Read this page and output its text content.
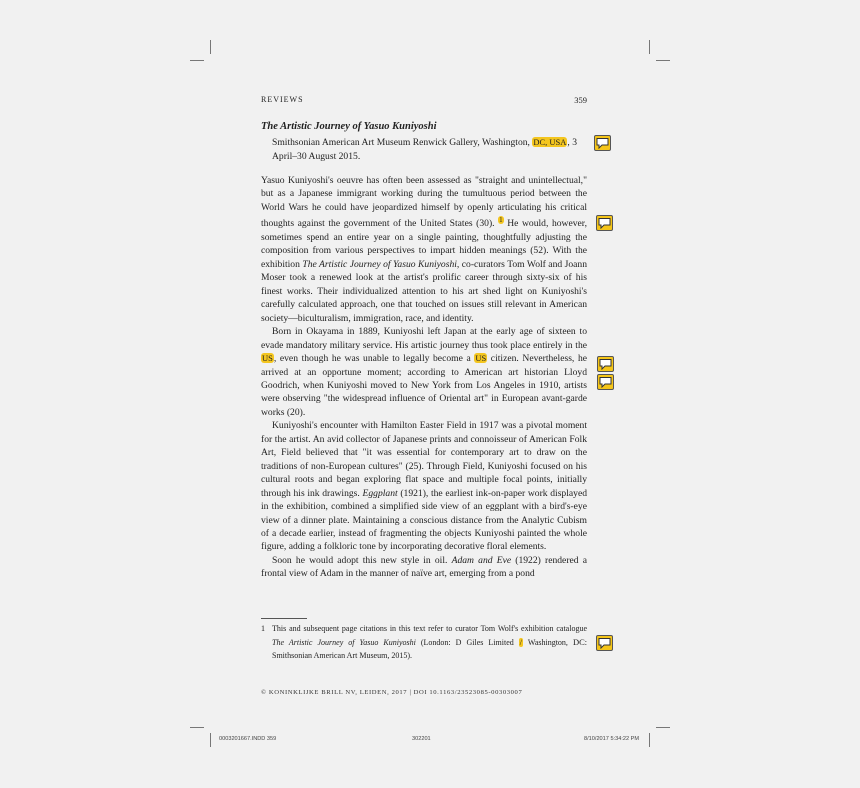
REVIEWS	359
The Artistic Journey of Yasuo Kuniyoshi
Smithsonian American Art Museum Renwick Gallery, Washington, DC, USA, 3
April–30 August 2015.

Yasuo Kuniyoshi's oeuvre has often been assessed as "straight and unintellectual," but as a Japanese immigrant working during the tumultuous period between the World Wars he could have jeopardized himself by openly articulating his critical thoughts against the government of the United States (30). $^1$ He would, however, sometimes spend an entire year on a single painting, thoughtfully adjusting the composition from various perspectives to impart hidden meanings (52). With the exhibition The Artistic Journey of Yasuo Kuniyoshi, co-curators Tom Wolf and Joann Moser took a renewed look at the artist's prolific career through sixty-six of his finest works. Their individualized attention to his art shed light on Kuniyoshi's carefully calculated approach, one that touched on issues still relevant in American society—biculturalism, immigration, race, and identity.

Born in Okayama in 1889, Kuniyoshi left Japan at the early age of sixteen to evade mandatory military service. His artistic journey thus took place entirely in the US, even though he was unable to legally become a US citizen. Nevertheless, he arrived at an opportune moment; according to American art historian Lloyd Goodrich, when Kuniyoshi moved to New York from Los Angeles in 1910, artists were observing "the widespread influence of Oriental art" in European avant-garde works (20).

Kuniyoshi's encounter with Hamilton Easter Field in 1917 was a pivotal moment for the artist. An avid collector of Japanese prints and connoisseur of American Folk Art, Field believed that "it was essential for contemporary art to draw on the traditions of non-European cultures" (25). Through Field, Kuniyoshi focused on his cultural roots and began exploring flat space and multiple focal points, initially through his ink drawings. Eggplant (1921), the earliest ink-on-paper work displayed in the exhibition, combined a simplified side view of an eggplant with a bird's-eye view of a dinner plate. Maintaining a conscious distance from the Analytic Cubism of a decade earlier, instead of fragmenting the objects Kuniyoshi painted the whole figure, adding a folkloric tone by incorporating decorative floral elements.

Soon he would adopt this new style in oil. Adam and Eve (1922) rendered a frontal view of Adam in the manner of naïve art, emerging from a pond

1 This and subsequent page citations in this text refer to curator Tom Wolf's exhibition catalogue The Artistic Journey of Yasuo Kuniyoshi (London: D Giles Limited / Washington, DC: Smithsonian American Art Museum, 2015).
© KONINKLIJKE BRILL NV, LEIDEN, 2017 | DOI 10.1163/23523085-00303007
0003201667.INDD 359	302201	8/10/2017 5:34:22 PM
